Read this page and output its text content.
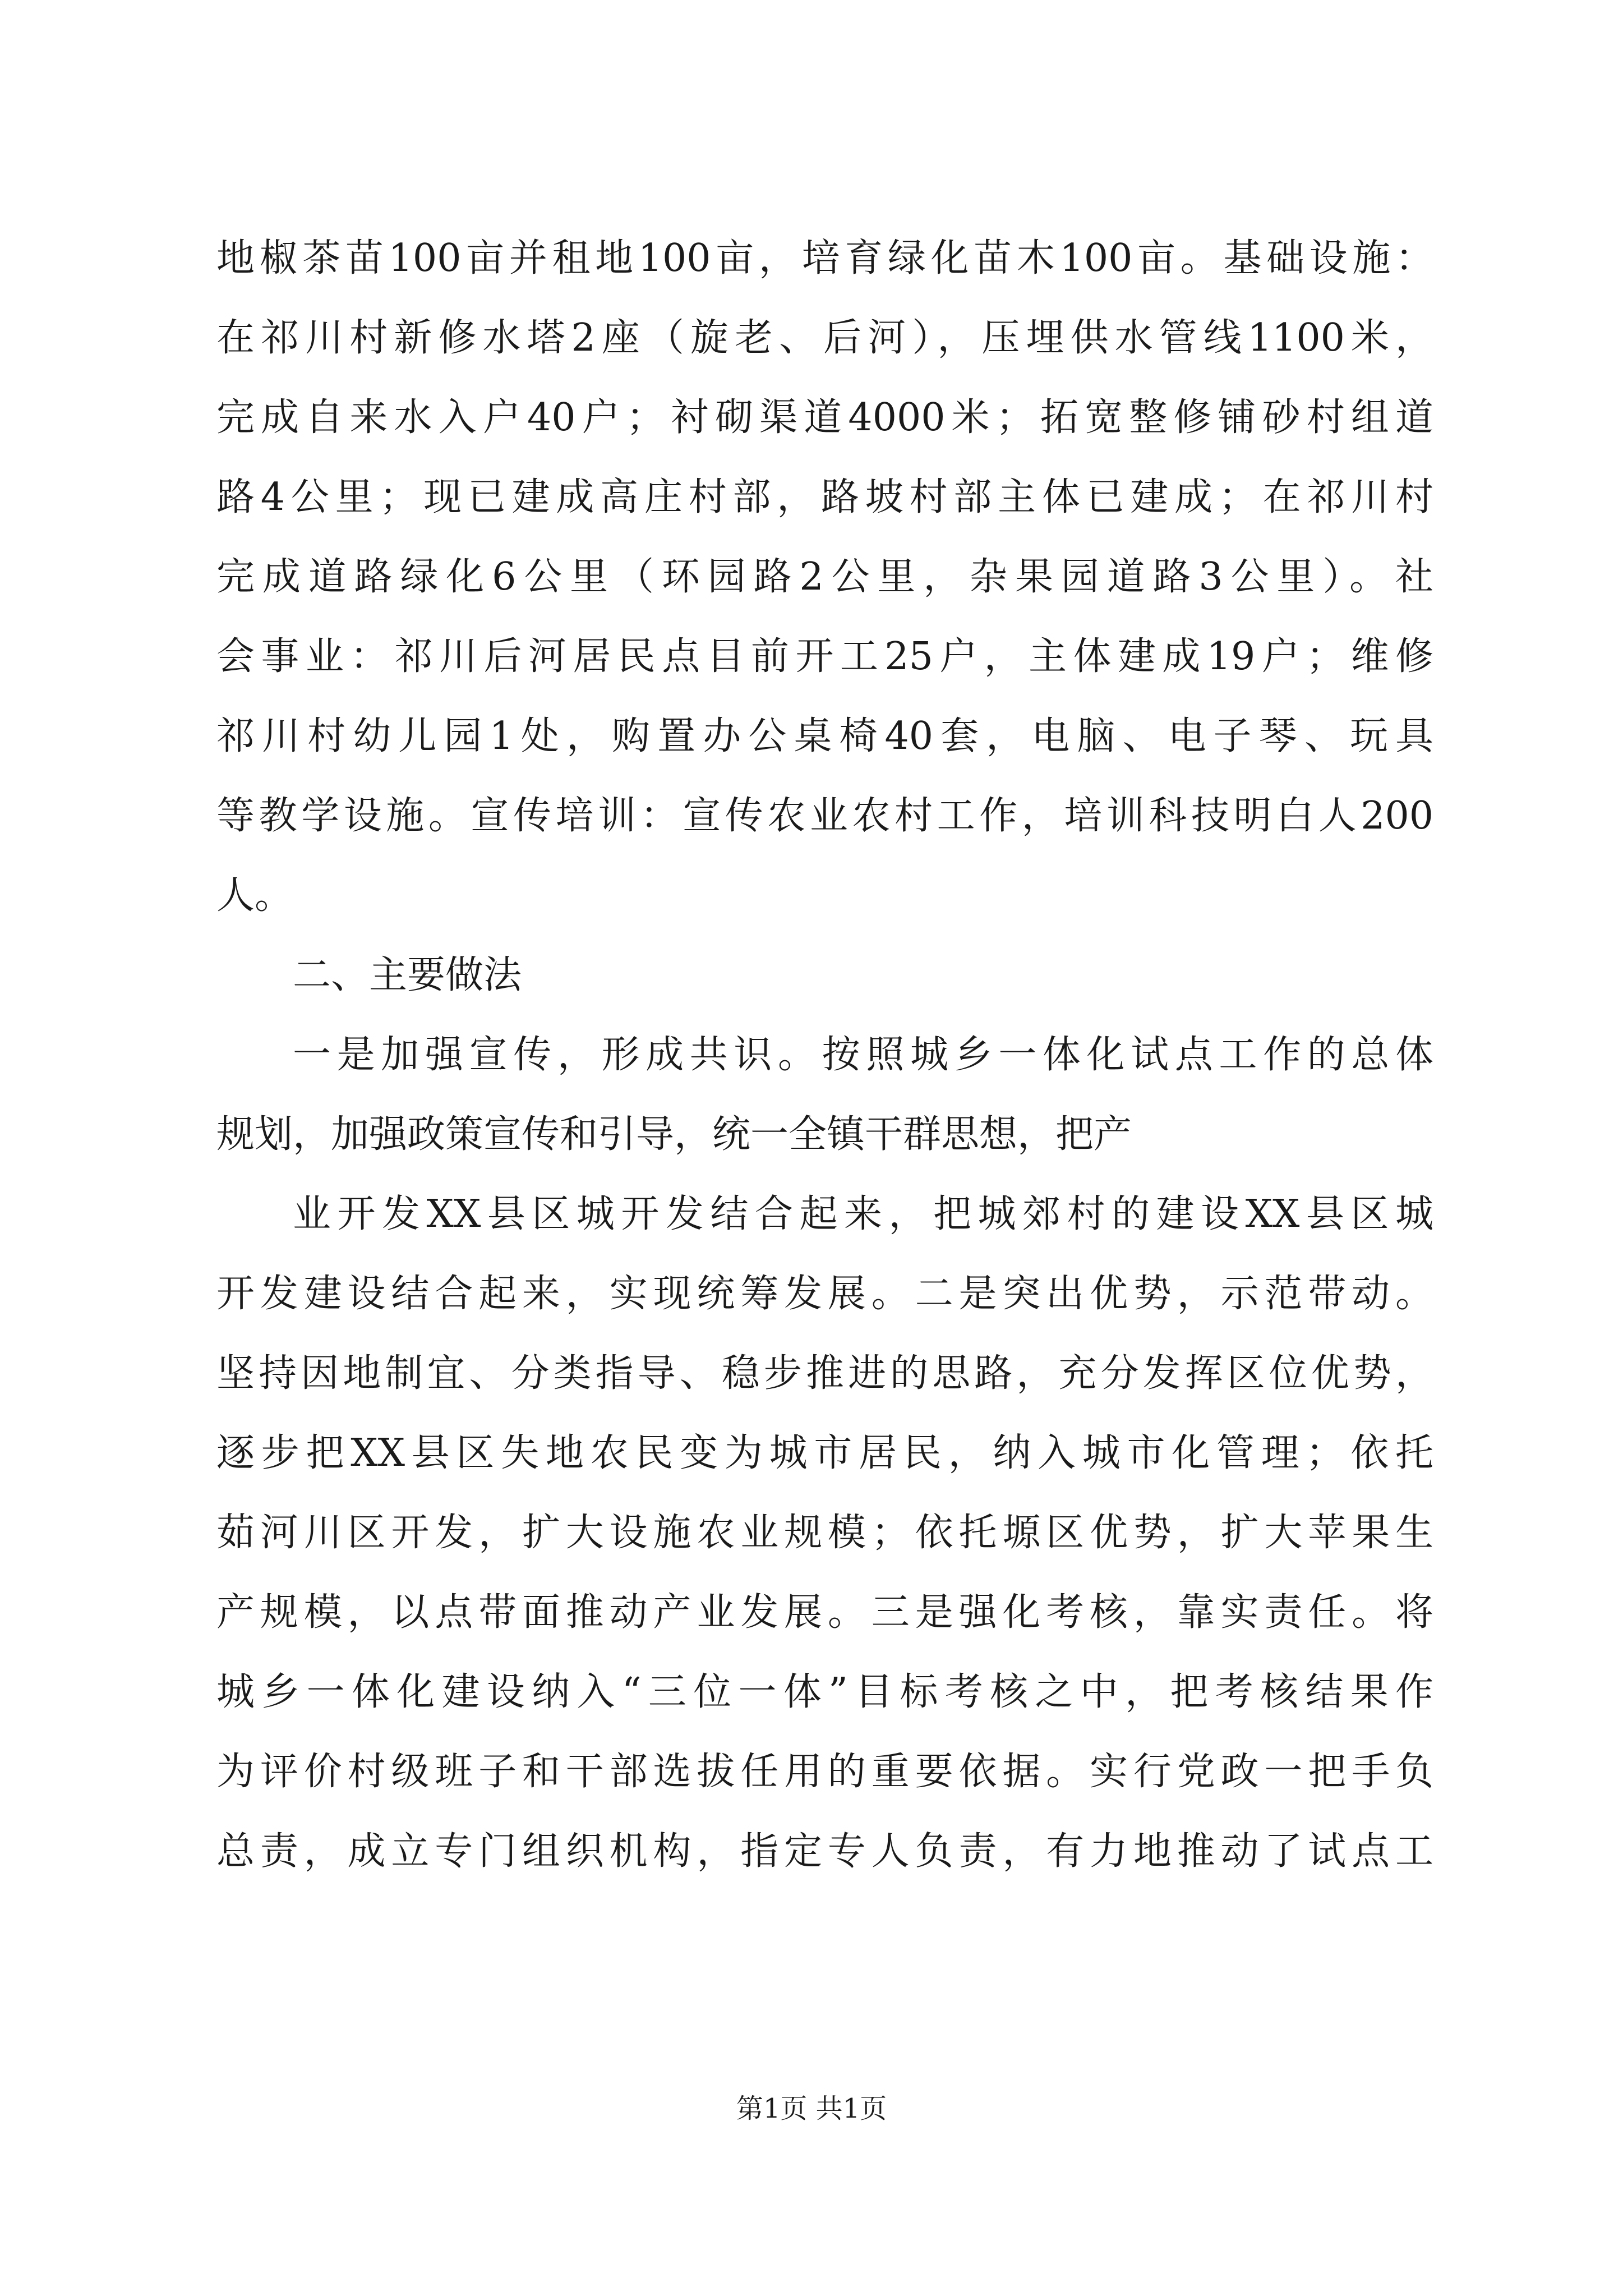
地椒茶苗100亩并租地100亩，培育绿化苗木100亩。基础设施：
在祁川村新修水塔2座（旋老、后河），压埋供水管线1100米，
完成自来水入户40户；衬砌渠道4000米；拓宽整修铺砂村组道
路4公里；现已建成高庄村部，路坡村部主体已建成；在祁川村
完成道路绿化6公里（环园路2公里，杂果园道路3公里）。社
会事业：祁川后河居民点目前开工25户，主体建成19户；维修
祁川村幼儿园1处，购置办公桌椅40套，电脑、电子琴、玩具
等教学设施。宣传培训：宣传农业农村工作，培训科技明白人200
人。
二、主要做法
一是加强宣传，形成共识。按照城乡一体化试点工作的总体
规划，加强政策宣传和引导，统一全镇干群思想，把产
业开发XX县区城开发结合起来，把城郊村的建设XX县区城
开发建设结合起来，实现统筹发展。二是突出优势，示范带动。
坚持因地制宜、分类指导、稳步推进的思路，充分发挥区位优势，
逐步把XX县区失地农民变为城市居民，纳入城市化管理；依托
茹河川区开发，扩大设施农业规模；依托塬区优势，扩大苹果生
产规模，以点带面推动产业发展。三是强化考核，靠实责任。将
城乡一体化建设纳入“三位一体”目标考核之中，把考核结果作
为评价村级班子和干部选拔任用的重要依据。实行党政一把手负
总责，成立专门组织机构，指定专人负责，有力地推动了试点工
第1页 共1页
